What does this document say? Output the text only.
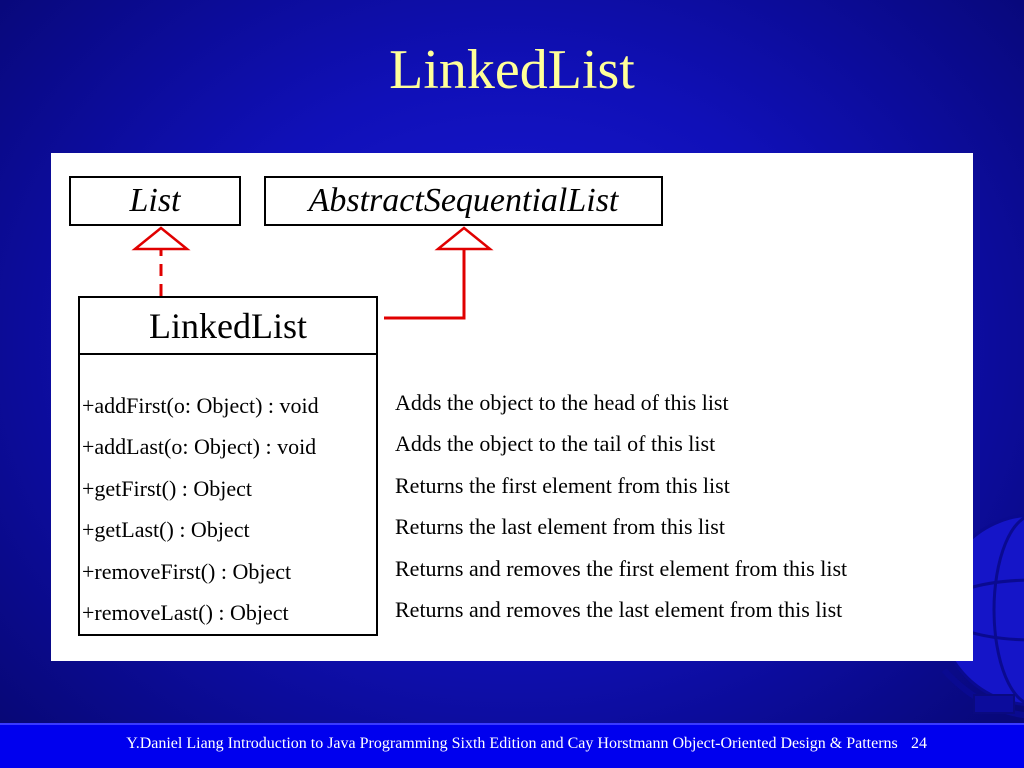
LinkedList
List	AbstractSequentialList
LinkedList
+addFirst(o: Object) : void
+addLast(o: Object) : void
+getFirst() : Object
+getLast() : Object
+removeFirst() : Object
+removeLast() : Object
Adds the object to the head of this list
Adds the object to the tail of this list
Returns the first element from this list
Returns the last element from this list
Returns and removes the first element from this list
Returns and removes the last element from this list
Y.Daniel Liang Introduction to Java Programming Sixth Edition and Cay Horstmann Object-Oriented Design & Patterns 24
